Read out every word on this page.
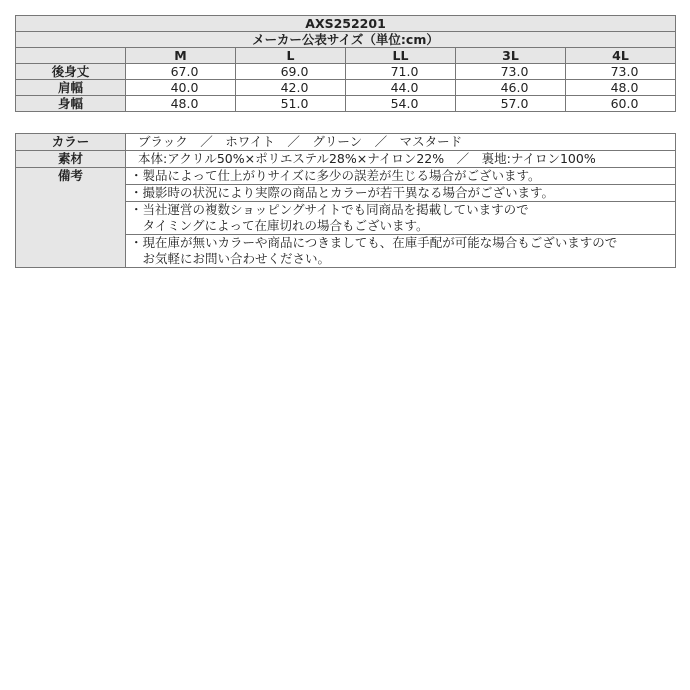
AXS252201					
メーカー公表サイズ（単位:cm）					
	M	L	LL	3L	4L
後身丈	67.0	69.0	71.0	73.0	73.0
肩幅	40.0	42.0	44.0	46.0	48.0
身幅	48.0	51.0	54.0	57.0	60.0
カラー	ブラック　／　ホワイト　／　グリーン　／　マスタード
素材	本体:アクリル50%×ポリエステル28%×ナイロン22%　／　裏地:ナイロン100%
備考	・製品によって仕上がりサイズに多少の誤差が生じる場合がございます。

	・撮影時の状況により実際の商品とカラーが若干異なる場合がございます。

	・当社運営の複数ショッピングサイトでも同商品を掲載していますので
　タイミングによって在庫切れの場合もございます。

	・現在庫が無いカラーや商品につきましても、在庫手配が可能な場合もございますので
　お気軽にお問い合わせください。
